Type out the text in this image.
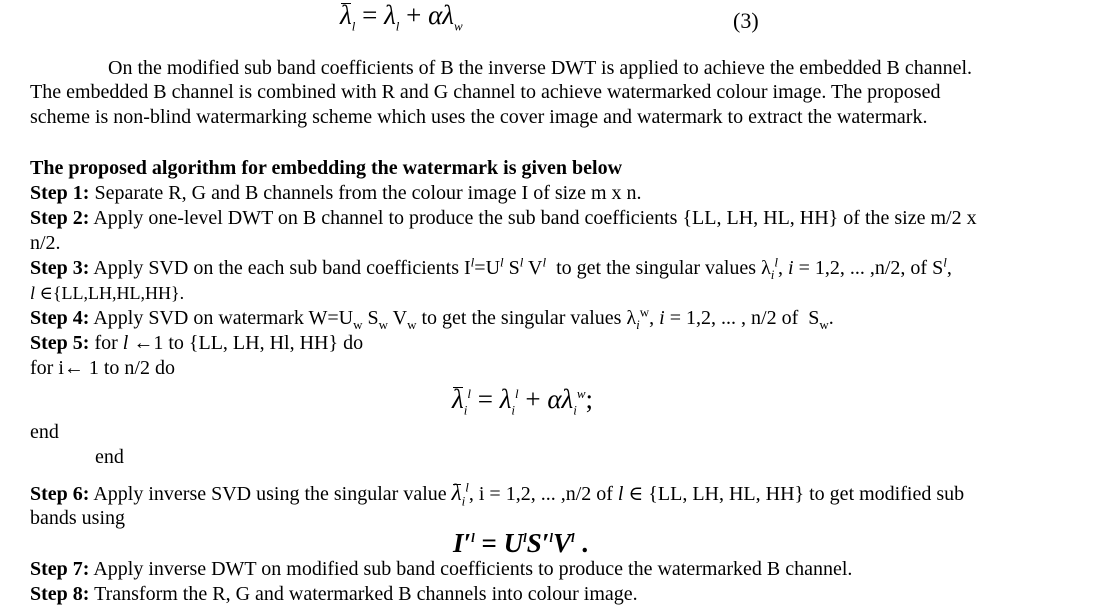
$\lambda_l = \lambda_l + \alpha\lambda_w$	(3)
On the modified sub band coefficients of B the inverse DWT is applied to achieve the embedded B channel.
The embedded B channel is combined with R and G channel to achieve watermarked colour image. The proposed
scheme is non-blind watermarking scheme which uses the cover image and watermark to extract the watermark.
The proposed algorithm for embedding the watermark is given below
Step 1: Separate R, G and B channels from the colour image I of size m x n.
Step 2: Apply one-level DWT on B channel to produce the sub band coefficients {LL, LH, HL, HH} of the size m/2 x
n/2.
Step 3: Apply SVD on the each sub band coefficients $I^l=U^l$ $S^l$ $V^l$  to get the singular values $\lambda_i^l$, i = 1,2, ... ,n/2, of $S^l$,
l ∈{LL,LH,HL,HH}.
Step 4: Apply SVD on watermark $W=U_w$ $S_w$ $V_w$ to get the singular values $\lambda_i^w$, i = 1,2, ... , n/2 of  $S_w$.
Step 5: for l ←1 to {LL, LH, Hl, HH} do
for i← 1 to n/2 do
$\lambda_i^l = \lambda_i^l + \alpha\lambda_i^w$;
end
end
Step 6: Apply inverse SVD using the singular value $\lambda_i^l$, i = 1,2, ... ,n/2 of l ∈ {LL, LH, HL, HH} to get modified sub
bands using
$I'^l = U^lS'^lV^l$ .
Step 7: Apply inverse DWT on modified sub band coefficients to produce the watermarked B channel.
Step 8: Transform the R, G and watermarked B channels into colour image.
